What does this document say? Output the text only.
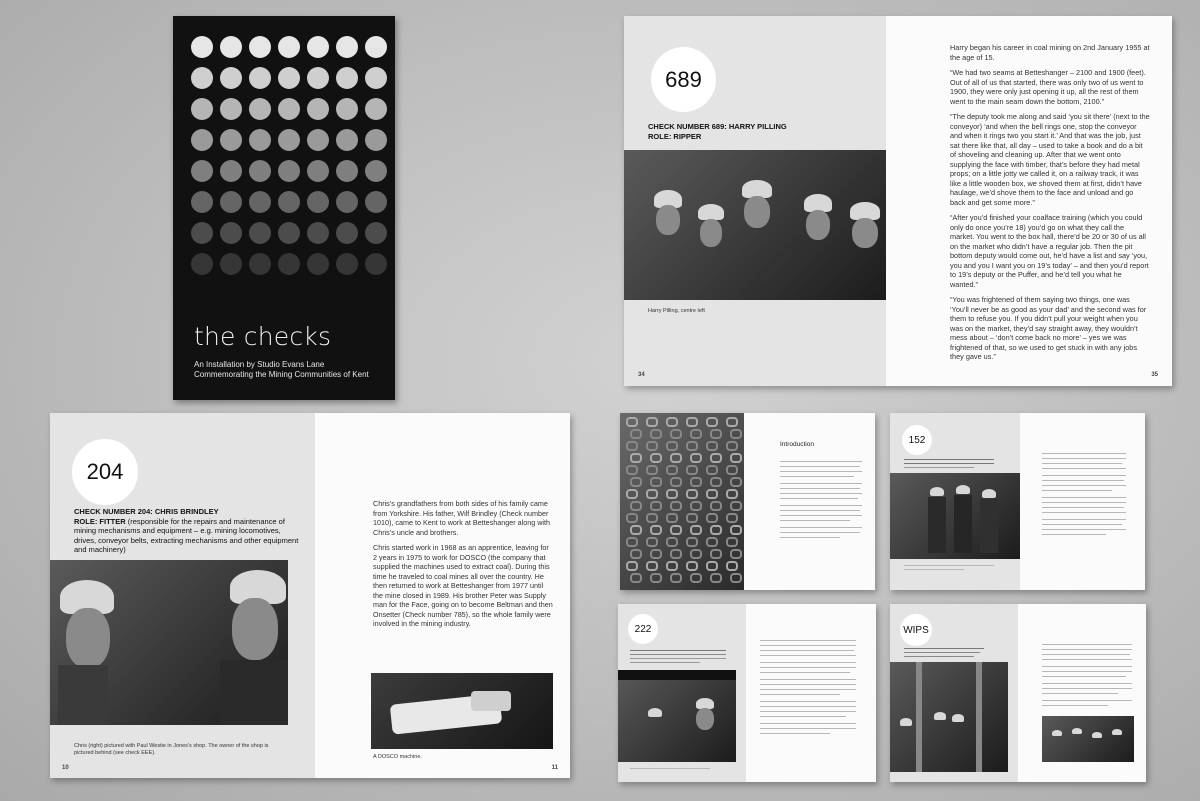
the checks
An Installation by Studio Evans Lane
Commemorating the Mining Communities of Kent
689
CHECK NUMBER 689: HARRY PILLING
ROLE: RIPPER
Harry Pilling, centre left
34

Harry began his career in coal mining on 2nd January 1955 at the age of 15.

“We had two seams at Betteshanger – 2100 and 1900 (feet). Out of all of us that started, there was only two of us went to 1900, they were only just opening it up, all the rest of them went to the main seam down the bottom, 2100.”

“The deputy took me along and said ‘you sit there’ (next to the conveyor) ‘and when the bell rings one, stop the conveyor and when it rings two you start it.’ And that was the job, just sat there like that, all day – used to take a book and do a bit of shoveling and cleaning up. After that we went onto supplying the face with timber, that’s before they had metal props; on a little jotty we called it, on a railway track, it was like a little wooden box, we shoved them at first, didn’t have haulage, we’d shove them to the face and unload and go back and get some more.”

“After you’d finished your coalface training (which you could only do once you’re 18) you’d go on what they call the market. You went to the box hall, there’d be 20 or 30 of us all on the market who didn’t have a regular job. Then the pit bottom deputy would come out, he’d have a list and say ‘you, you and you I want you on 19’s today’ – and then you’d report to 19’s deputy or the Puffer, and he’d tell you what he wanted.”

“You was frightened of them saying two things, one was ‘You’ll never be as good as your dad’ and the second was for them to refuse you. If you didn’t pull your weight when you was on the market, they’d say straight away, they wouldn’t mess about – ‘don’t come back no more’ – yes we was frightened of that, so we used to get stuck in with any jobs they gave us.”

35
204
CHECK NUMBER 204: CHRIS BRINDLEY
ROLE: FITTER (responsible for the repairs and maintenance of mining mechanisms and equipment – e.g. mining locomotives, drives, conveyor belts, extracting mechanisms and other equipment and machinery)
Chris (right) pictured with Paul Westie in Jones’s shop. The owner of the shop is pictured behind (see check EEE).
10

Chris’s grandfathers from both sides of his family came from Yorkshire. His father, Wilf Brindley (Check number 1010), came to Kent to work at Betteshanger along with Chris’s uncle and brothers.

Chris started work in 1968 as an apprentice, leaving for 2 years in 1975 to work for DOSCO (the company that supplied the machines used to extract coal). During this time he traveled to coal mines all over the country. He then returned to work at Betteshanger from 1977 until the mine closed in 1989. His brother Peter was Supply man for the Face, going on to become Beltman and then Onsetter (Check number 785), so the whole family were involved in the mining industry.

A DOSCO machine.
11
Introduction	152
222	WIPS
